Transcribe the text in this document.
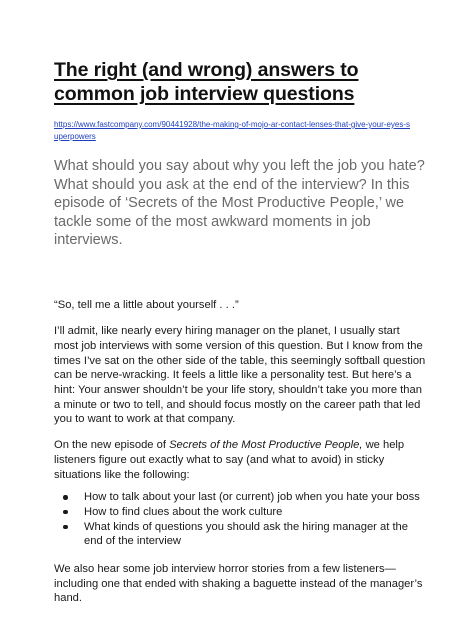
The right (and wrong) answers to common job interview questions
https://www.fastcompany.com/90441928/the-making-of-mojo-ar-contact-lenses-that-give-your-eyes-superpowers
What should you say about why you left the job you hate? What should you ask at the end of the interview? In this episode of ‘Secrets of the Most Productive People,’ we tackle some of the most awkward moments in job interviews.

“So, tell me a little about yourself . . .”

I’ll admit, like nearly every hiring manager on the planet, I usually start most job interviews with some version of this question. But I know from the times I’ve sat on the other side of the table, this seemingly softball question can be nerve-wracking. It feels a little like a personality test. But here’s a hint: Your answer shouldn’t be your life story, shouldn’t take you more than a minute or two to tell, and should focus mostly on the career path that led you to want to work at that company.

On the new episode of Secrets of the Most Productive People, we help listeners figure out exactly what to say (and what to avoid) in sticky situations like the following:

How to talk about your last (or current) job when you hate your boss
How to find clues about the work culture
What kinds of questions you should ask the hiring manager at the end of the interview

We also hear some job interview horror stories from a few listeners—including one that ended with shaking a baguette instead of the manager’s hand.
